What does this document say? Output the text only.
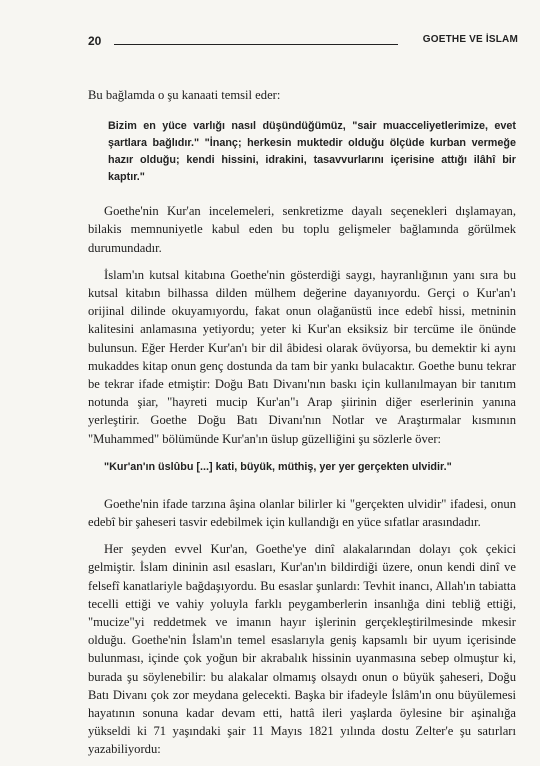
20	GOETHE VE İSLAM

Bu bağlamda o şu kanaati temsil eder:

Bizim en yüce varlığı nasıl düşündüğümüz, "sair muacceliyetlerimize, evet şartlara bağlıdır." "İnanç; herkesin muktedir olduğu ölçüde kurban vermeğe hazır olduğu; kendi hissini, idrakini, tasavvurlarını içerisine attığı ilâhî bir kaptır."

Goethe'nin Kur'an incelemeleri, senkretizme dayalı seçenekleri dışlamayan, bilakis memnuniyetle kabul eden bu toplu gelişmeler bağlamında görülmek durumundadır.

İslam'ın kutsal kitabına Goethe'nin gösterdiği saygı, hayranlığının yanı sıra bu kutsal kitabın bilhassa dilden mülhem değerine dayanıyordu. Gerçi o Kur'an'ı orijinal dilinde okuyamıyordu, fakat onun olağanüstü ince edebî hissi, metninin kalitesini anlamasına yetiyordu; yeter ki Kur'an eksiksiz bir tercüme ile önünde bulunsun. Eğer Herder Kur'an'ı bir dil âbidesi olarak övüyorsa, bu demektir ki aynı mukaddes kitap onun genç dostunda da tam bir yankı bulacaktır. Goethe bunu tekrar be tekrar ifade etmiştir: Doğu Batı Divanı'nın baskı için kullanılmayan bir tanıtım notunda şiar, "hayreti mucip Kur'an"ı Arap şiirinin diğer eserlerinin yanına yerleştirir. Goethe Doğu Batı Divanı'nın Notlar ve Araştırmalar kısmının "Muhammed" bölümünde Kur'an'ın üslup güzelliğini şu sözlerle över:

"Kur'an'ın üslûbu [...] kati, büyük, müthiş, yer yer gerçekten ulvidir."

Goethe'nin ifade tarzına âşina olanlar bilirler ki "gerçekten ulvidir" ifadesi, onun edebî bir şaheseri tasvir edebilmek için kullandığı en yüce sıfatlar arasındadır.

Her şeyden evvel Kur'an, Goethe'ye dinî alakalarından dolayı çok çekici gelmiştir. İslam dininin asıl esasları, Kur'an'ın bildirdiği üzere, onun kendi dinî ve felsefî kanatlariyle bağdaşıyordu. Bu esaslar şunlardı: Tevhit inancı, Allah'ın tabiatta tecelli ettiği ve vahiy yoluyla farklı peygamberlerin insanlığa dini tebliğ ettiği, "mucize"yi reddetmek ve imanın hayır işlerinin gerçekleştirilmesinde mkesir olduğu. Goethe'nin İslam'ın temel esaslarıyla geniş kapsamlı bir uyum içerisinde bulunması, içinde çok yoğun bir akrabalık hissinin uyanmasına sebep olmuştur ki, burada şu söylenebilir: bu alakalar olmamış olsaydı onun o büyük şaheseri, Doğu Batı Divanı çok zor meydana gelecekti. Başka bir ifadeyle İslâm'ın onu büyülemesi hayatının sonuna kadar devam etti, hattâ ileri yaşlarda öylesine bir aşinalığa yükseldi ki 71 yaşındaki şair 11 Mayıs 1821 yılında dostu Zelter'e şu satırları yazabiliyordu:
